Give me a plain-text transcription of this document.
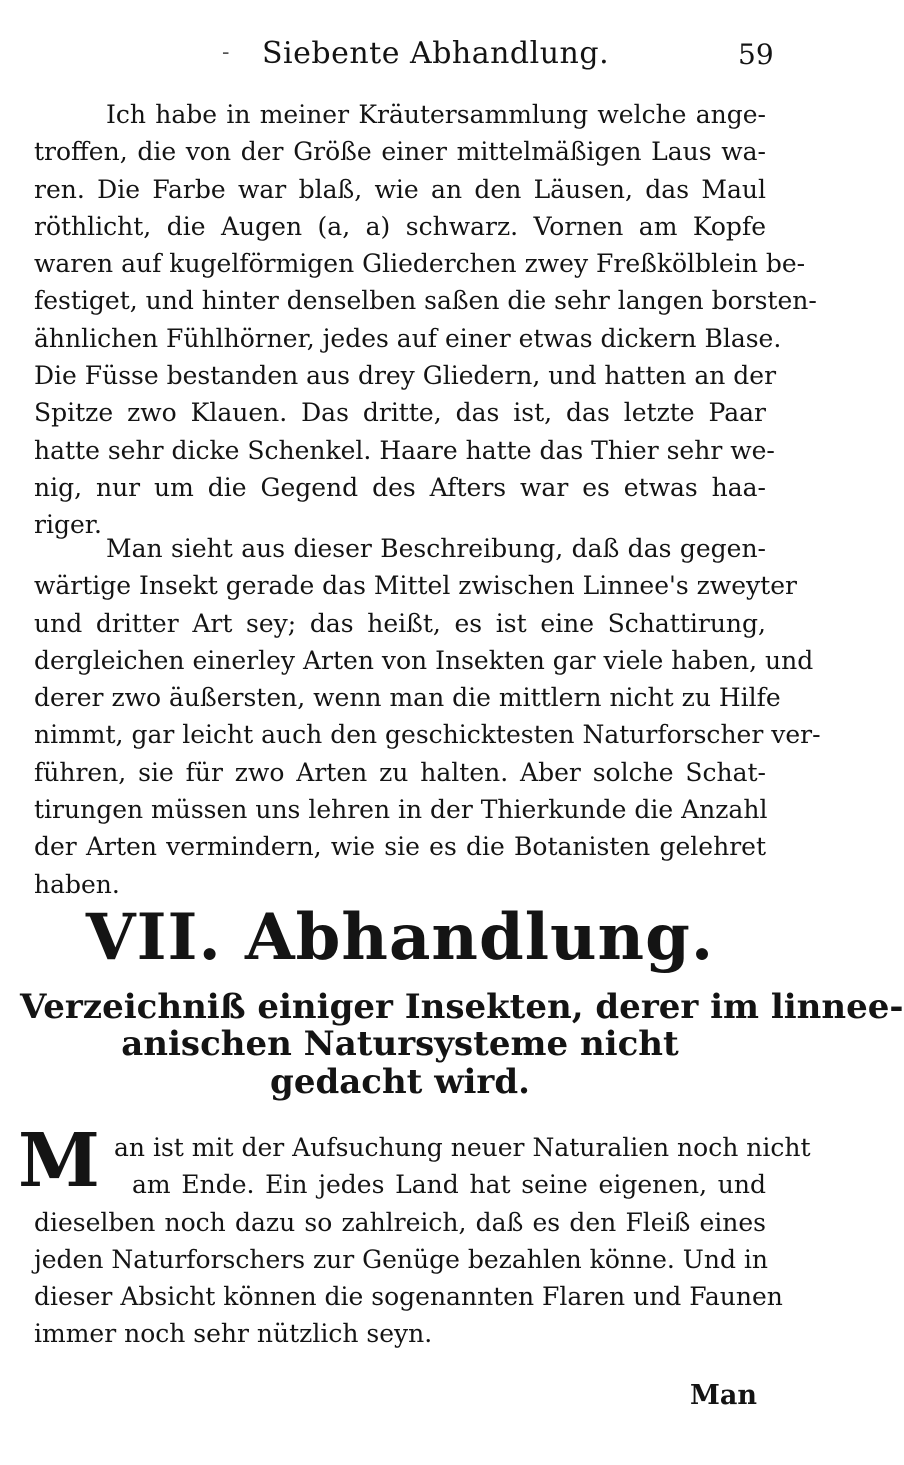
- Siebente Abhandlung.	59
Ich habe in meiner Kräutersammlung welche ange-
troffen, die von der Größe einer mittelmäßigen Laus wa-
ren. Die Farbe war blaß, wie an den Läusen, das Maul
röthlicht, die Augen (a, a) schwarz. Vornen am Kopfe
waren auf kugelförmigen Gliederchen zwey Freßkölblein be-
festiget, und hinter denselben saßen die sehr langen borsten-
ähnlichen Fühlhörner, jedes auf einer etwas dickern Blase.
Die Füsse bestanden aus drey Gliedern, und hatten an der
Spitze zwo Klauen. Das dritte, das ist, das letzte Paar
hatte sehr dicke Schenkel. Haare hatte das Thier sehr we-
nig, nur um die Gegend des Afters war es etwas haa-
riger.
Man sieht aus dieser Beschreibung, daß das gegen-
wärtige Insekt gerade das Mittel zwischen Linnee's zweyter
und dritter Art sey; das heißt, es ist eine Schattirung,
dergleichen einerley Arten von Insekten gar viele haben, und
derer zwo äußersten, wenn man die mittlern nicht zu Hilfe
nimmt, gar leicht auch den geschicktesten Naturforscher ver-
führen, sie für zwo Arten zu halten. Aber solche Schat-
tirungen müssen uns lehren in der Thierkunde die Anzahl
der Arten vermindern, wie sie es die Botanisten gelehret
haben.
VII. Abhandlung.
Verzeichniß einiger Insekten, derer im linnee-
anischen Natursysteme nicht
gedacht wird.
M an ist mit der Aufsuchung neuer Naturalien noch nicht
am Ende. Ein jedes Land hat seine eigenen, und
dieselben noch dazu so zahlreich, daß es den Fleiß eines
jeden Naturforschers zur Genüge bezahlen könne. Und in
dieser Absicht können die sogenannten Flaren und Faunen
immer noch sehr nützlich seyn.
Man
